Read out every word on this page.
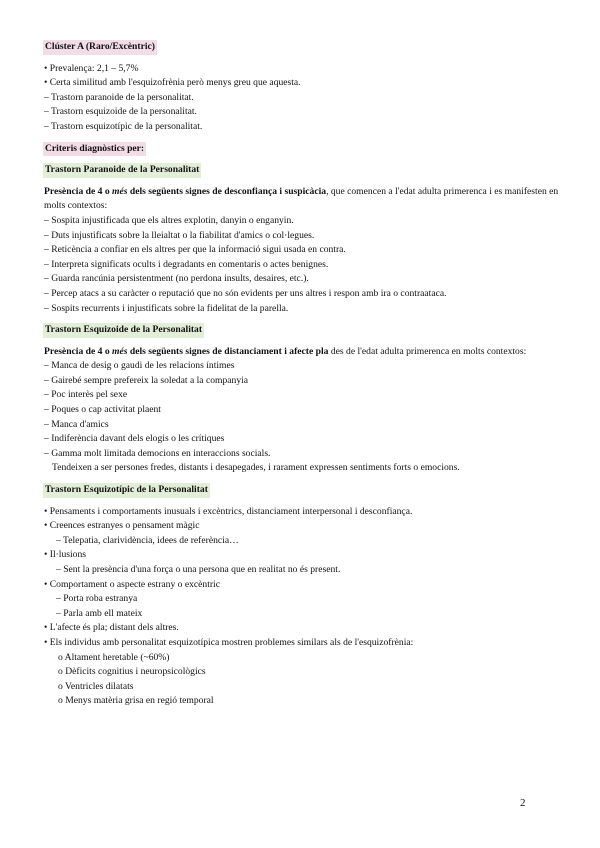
Clúster A (Raro/Excèntric)
• Prevalença: 2,1 – 5,7%
• Certa similitud amb l'esquizofrènia però menys greu que aquesta.
– Trastorn paranoide de la personalitat.
– Trastorn esquizoide de la personalitat.
– Trastorn esquizotípic de la personalitat.
Criteris diagnòstics per:
Trastorn Paranoide de la Personalitat
Presència de 4 o més dels següents signes de desconfiança i suspicàcia, que comencen a l'edat adulta primerenca i es manifesten en molts contextos:
– Sospita injustificada que els altres explotin, danyin o enganyin.
– Duts injustificats sobre la lleialtat o la fiabilitat d'amics o col·legues.
– Reticència a confiar en els altres per que la informació sigui usada en contra.
– Interpreta significats ocults i degradants en comentaris o actes benignes.
– Guarda rancúnia persistentment (no perdona insults, desaires, etc.).
– Percep atacs a su caràcter o reputació que no són evidents per uns altres i respon amb ira o contraataca.
– Sospits recurrents i injustificats sobre la fidelitat de la parella.
Trastorn Esquizoide de la Personalitat
Presència de 4 o més dels següents signes de distanciament i afecte pla des de l'edat adulta primerenca en molts contextos:
– Manca de desig o gaudi de les relacions íntimes
– Gairebé sempre prefereix la soledat a la companyia
– Poc interès pel sexe
– Poques o cap activitat plaent
– Manca d'amics
– Indiferència davant dels elogis o les crítiques
– Gamma molt limitada democions en interaccions socials.
Tendeixen a ser persones fredes, distants i desapegades, i rarament expressen sentiments forts o emocions.
Trastorn Esquizotípic de la Personalitat
• Pensaments i comportaments inusuals i excèntrics, distanciament interpersonal i desconfiança.
• Creences estranyes o pensament màgic
– Telepatia, clarividència, idees de referència…
• Il·lusions
– Sent la presència d'una força o una persona que en realitat no és present.
• Comportament o aspecte estrany o excèntric
– Porta roba estranya
– Parla amb ell mateix
• L'afecte és pla; distant dels altres.
• Els individus amb personalitat esquizotípica mostren problemes similars als de l'esquizofrènia:
o Altament heretable (~60%)
o Dèficits cognitius i neuropsicològics
o Ventricles dilatats
o Menys matèria grisa en regió temporal
2
